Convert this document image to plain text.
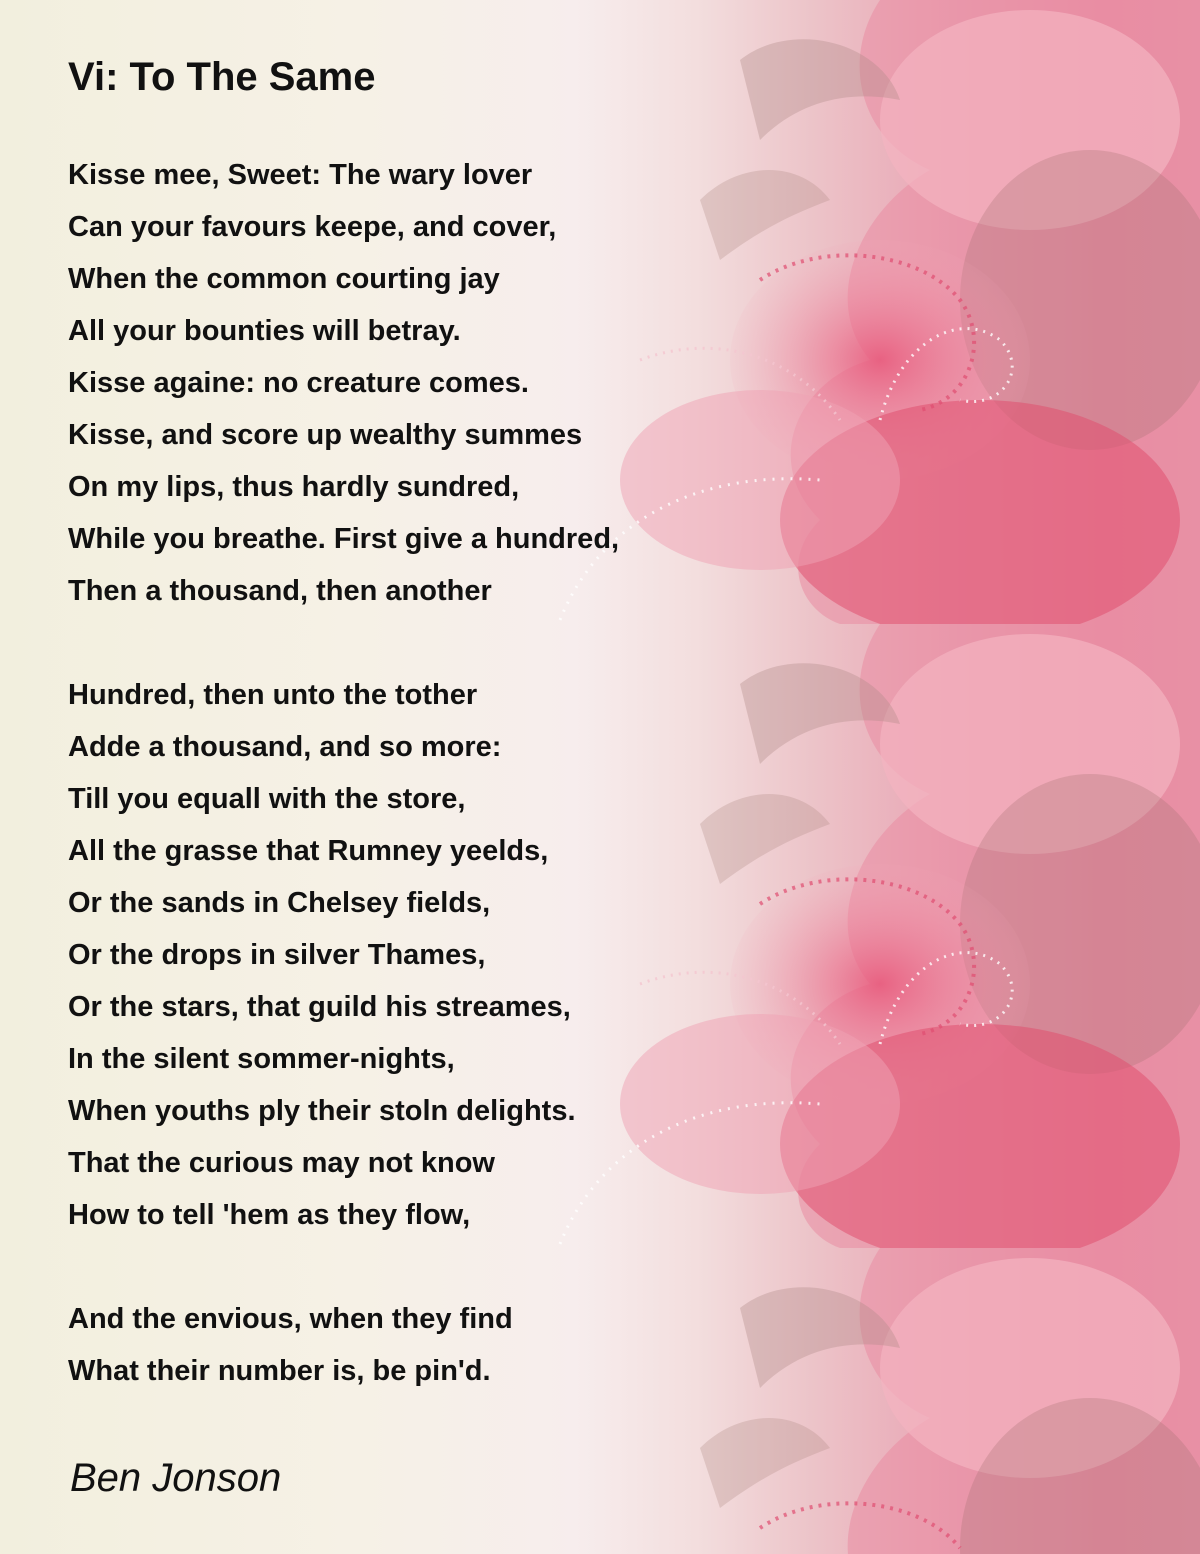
Vi: To The Same
Kisse mee, Sweet: The wary lover
Can your favours keepe, and cover,
When the common courting jay
All your bounties will betray.
Kisse againe: no creature comes.
Kisse, and score up wealthy summes
On my lips, thus hardly sundred,
While you breathe. First give a hundred,
Then a thousand, then another
Hundred, then unto the tother
Adde a thousand, and so more:
Till you equall with the store,
All the grasse that Rumney yeelds,
Or the sands in Chelsey fields,
Or the drops in silver Thames,
Or the stars, that guild his streames,
In the silent sommer-nights,
When youths ply their stoln delights.
That the curious may not know
How to tell 'hem as they flow,
And the envious, when they find
What their number is, be pin'd.

Ben Jonson
